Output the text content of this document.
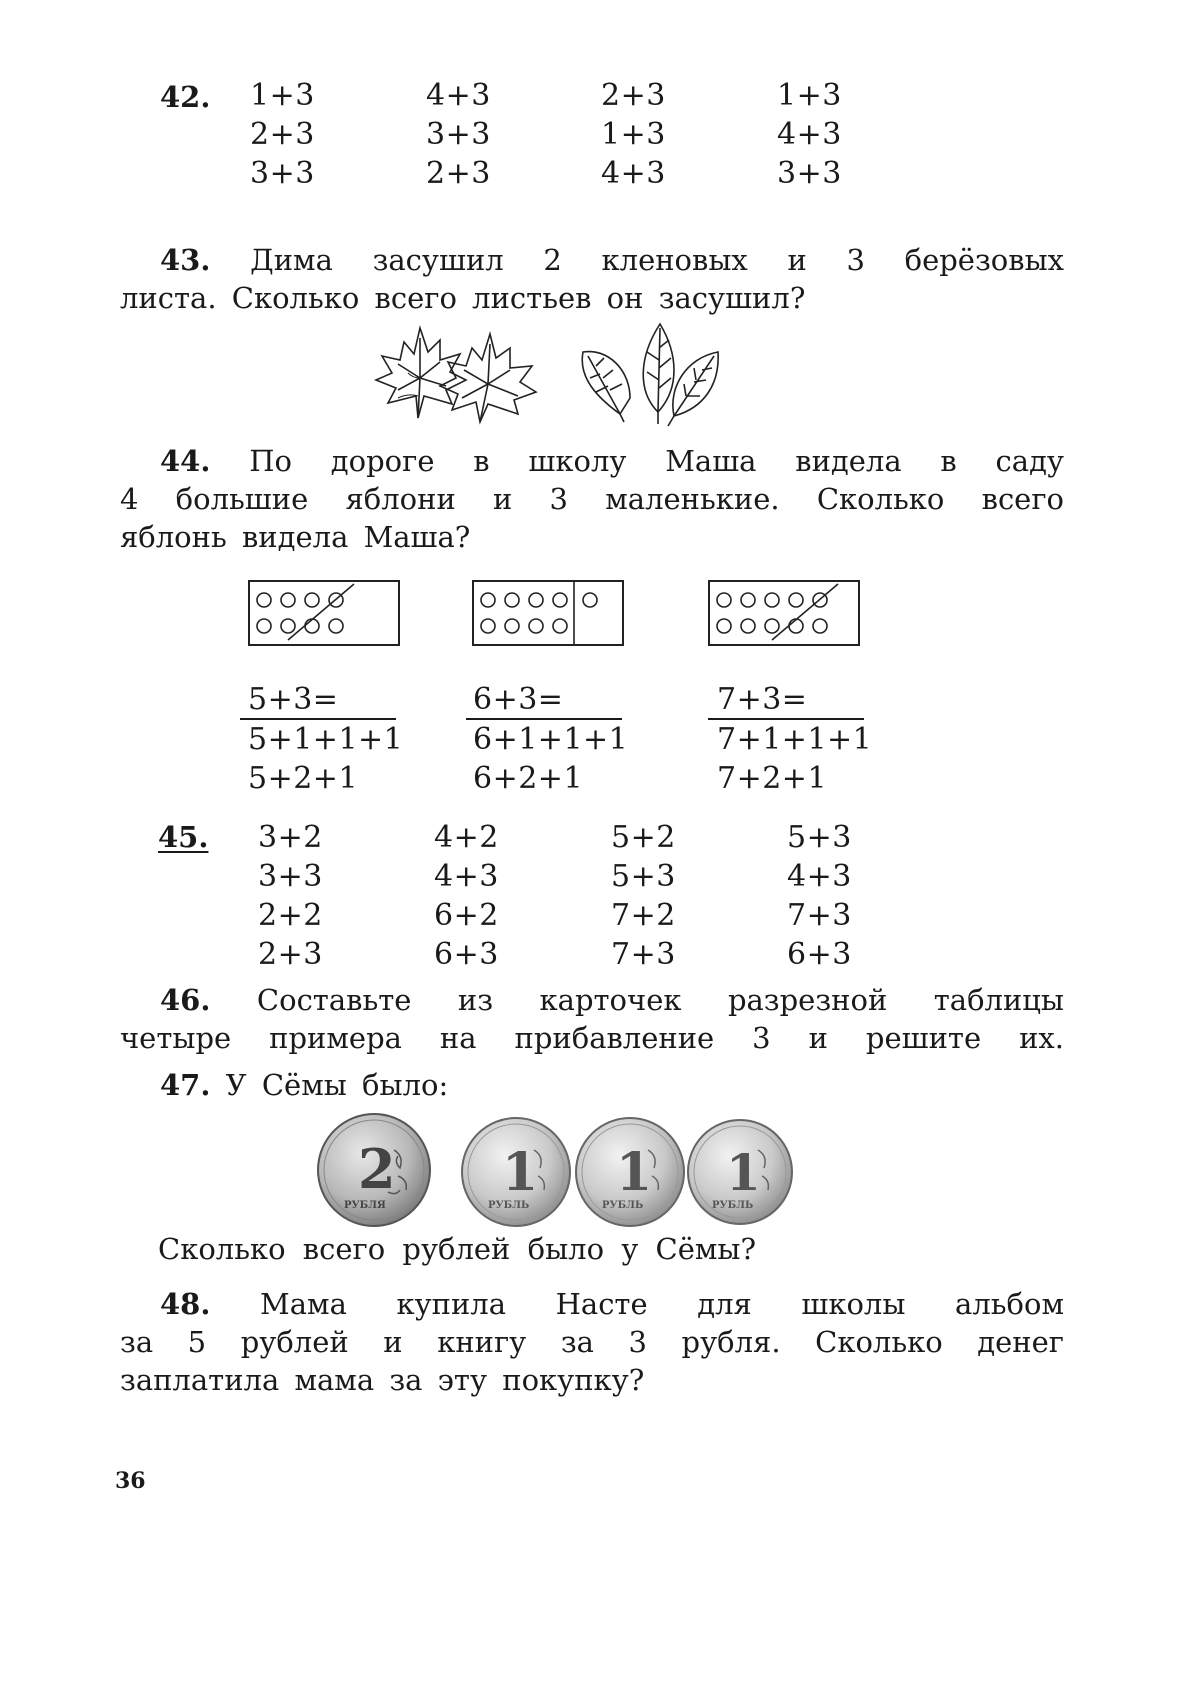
42. 1+3
2+3
3+3
4+3
3+3
2+3
2+3
1+3
4+3
1+3
4+3
3+3
43. Дима засушил 2 кленовых и 3 берёзовых
листа. Сколько всего листьев он засушил?
44. По дороге в школу Маша видела в саду
4 большие яблони и 3 маленькие. Сколько всего
яблонь видела Маша?
5+3=
5+1+1+1
5+2+1
6+3=
6+1+1+1
6+2+1
7+3=
7+1+1+1
7+2+1
45. 3+2
3+3
2+2
2+3
4+2
4+3
6+2
6+3
5+2
5+3
7+2
7+3
5+3
4+3
7+3
6+3
46. Составьте из карточек разрезной таблицы
четыре примера на прибавление 3 и решите их.
47. У Сёмы было:
2
РУБЛЯ
1
РУБЛЬ
1
РУБЛЬ
1
РУБЛЬ
Сколько всего рублей было у Сёмы?
48. Мама купила Насте для школы альбом
за 5 рублей и книгу за 3 рубля. Сколько денег
заплатила мама за эту покупку?
36
